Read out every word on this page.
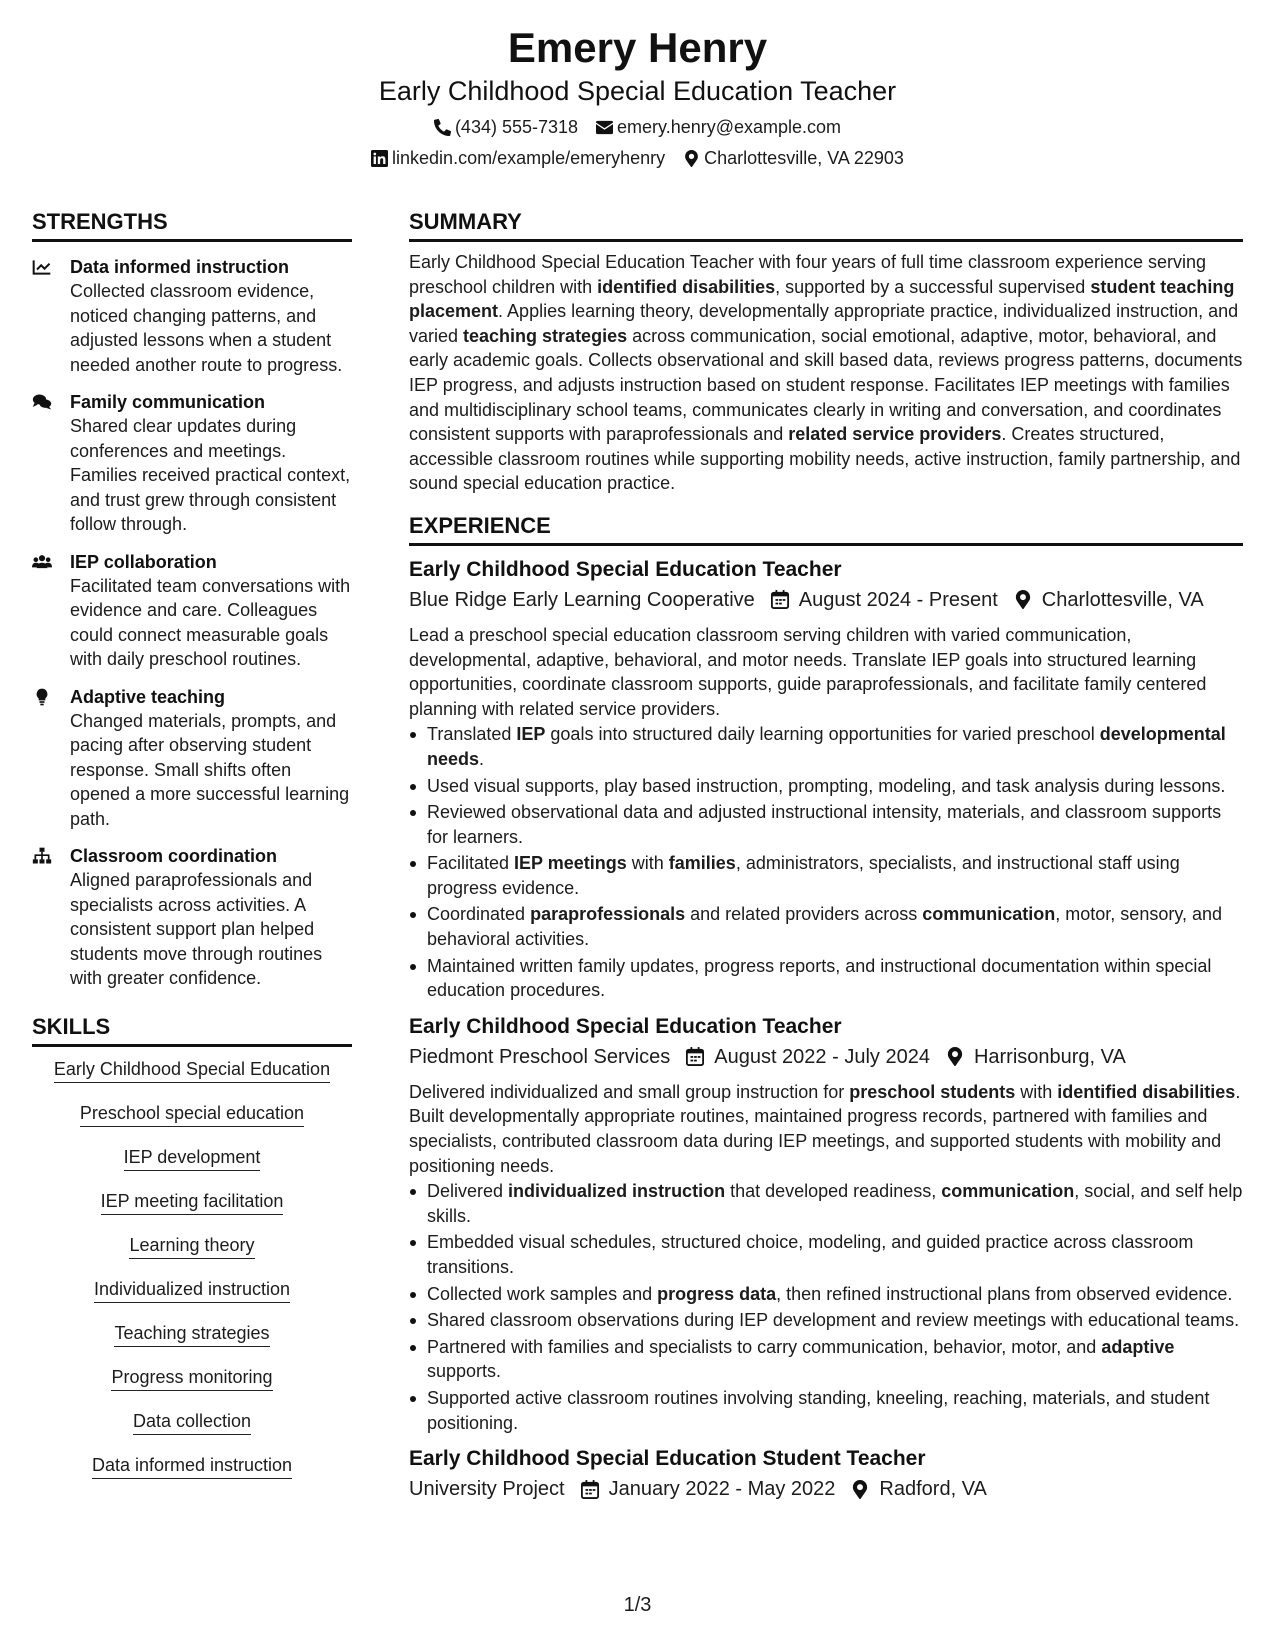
Emery Henry
Early Childhood Special Education Teacher
(434) 555-7318 emery.henry@example.com
linkedin.com/example/emeryhenry Charlottesville, VA 22903
STRENGTHS
Data informed instruction
Collected classroom evidence, noticed changing patterns, and adjusted lessons when a student needed another route to progress.
Family communication
Shared clear updates during conferences and meetings. Families received practical context, and trust grew through consistent follow through.
IEP collaboration
Facilitated team conversations with evidence and care. Colleagues could connect measurable goals with daily preschool routines.
Adaptive teaching
Changed materials, prompts, and pacing after observing student response. Small shifts often opened a more successful learning path.
Classroom coordination
Aligned paraprofessionals and specialists across activities. A consistent support plan helped students move through routines with greater confidence.
SKILLS
Early Childhood Special Education
Preschool special education
IEP development
IEP meeting facilitation
Learning theory
Individualized instruction
Teaching strategies
Progress monitoring
Data collection
Data informed instruction
SUMMARY

Early Childhood Special Education Teacher with four years of full time classroom experience serving preschool children with identified disabilities, supported by a successful supervised student teaching placement. Applies learning theory, developmentally appropriate practice, individualized instruction, and varied teaching strategies across communication, social emotional, adaptive, motor, behavioral, and early academic goals. Collects observational and skill based data, reviews progress patterns, documents IEP progress, and adjusts instruction based on student response. Facilitates IEP meetings with families and multidisciplinary school teams, communicates clearly in writing and conversation, and coordinates consistent supports with paraprofessionals and related service providers. Creates structured, accessible classroom routines while supporting mobility needs, active instruction, family partnership, and sound special education practice.

EXPERIENCE
Early Childhood Special Education Teacher
Blue Ridge Early Learning Cooperative August 2024 - Present Charlottesville, VA

Lead a preschool special education classroom serving children with varied communication, developmental, adaptive, behavioral, and motor needs. Translate IEP goals into structured learning opportunities, coordinate classroom supports, guide paraprofessionals, and facilitate family centered planning with related service providers.

Translated IEP goals into structured daily learning opportunities for varied preschool developmental needs.
Used visual supports, play based instruction, prompting, modeling, and task analysis during lessons.
Reviewed observational data and adjusted instructional intensity, materials, and classroom supports for learners.
Facilitated IEP meetings with families, administrators, specialists, and instructional staff using progress evidence.
Coordinated paraprofessionals and related providers across communication, motor, sensory, and behavioral activities.
Maintained written family updates, progress reports, and instructional documentation within special education procedures.
Early Childhood Special Education Teacher
Piedmont Preschool Services August 2022 - July 2024 Harrisonburg, VA

Delivered individualized and small group instruction for preschool students with identified disabilities. Built developmentally appropriate routines, maintained progress records, partnered with families and specialists, contributed classroom data during IEP meetings, and supported students with mobility and positioning needs.

Delivered individualized instruction that developed readiness, communication, social, and self help skills.
Embedded visual schedules, structured choice, modeling, and guided practice across classroom transitions.
Collected work samples and progress data, then refined instructional plans from observed evidence.
Shared classroom observations during IEP development and review meetings with educational teams.
Partnered with families and specialists to carry communication, behavior, motor, and adaptive supports.
Supported active classroom routines involving standing, kneeling, reaching, materials, and student positioning.
Early Childhood Special Education Student Teacher
University Project January 2022 - May 2022 Radford, VA
1/3
